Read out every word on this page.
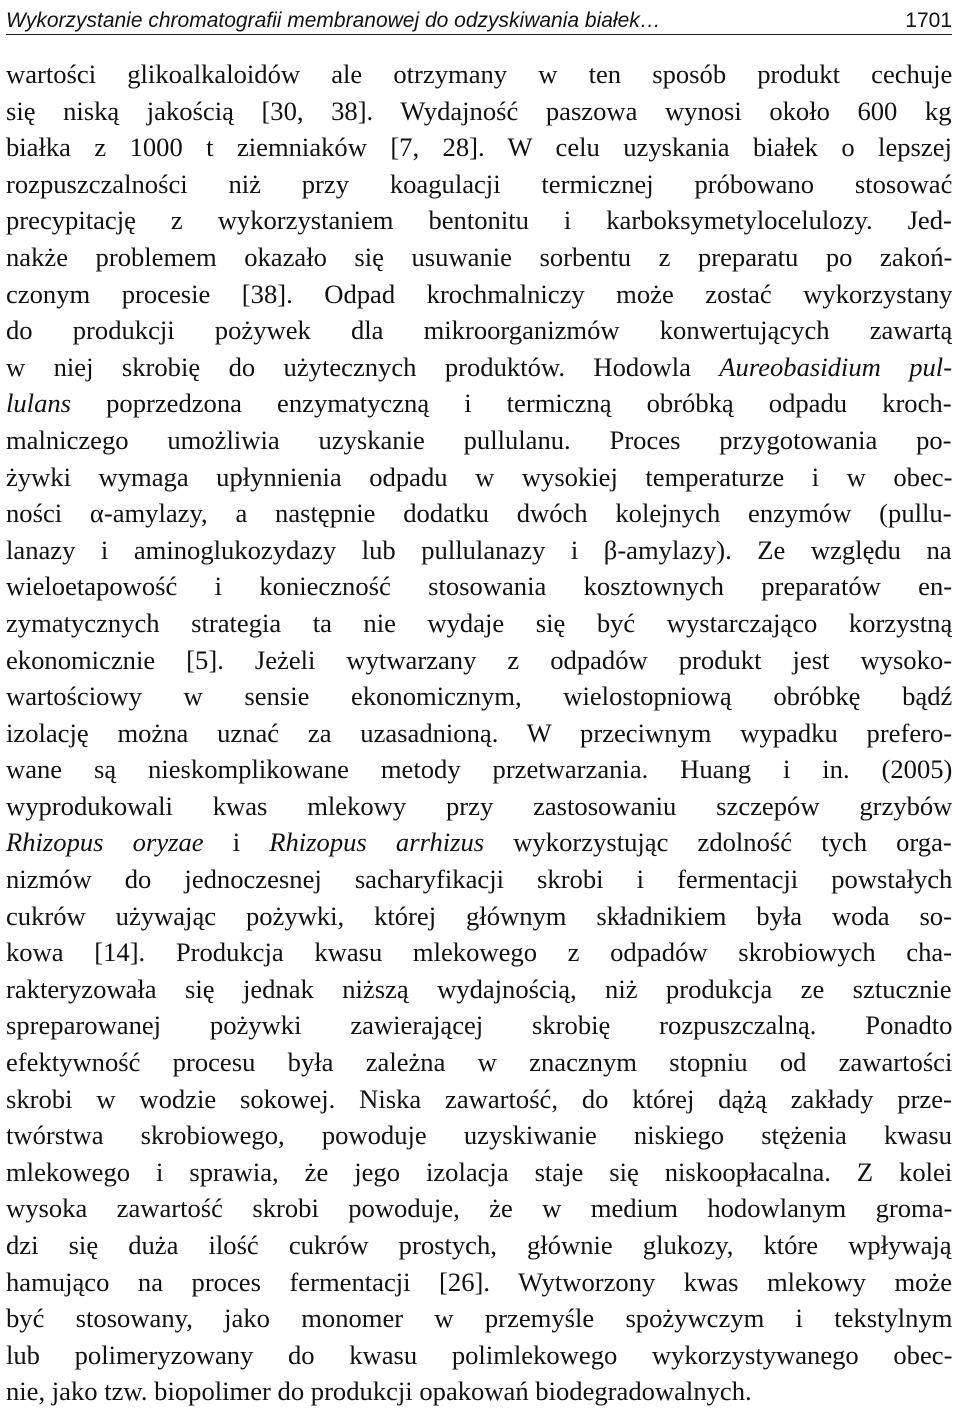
Wykorzystanie chromatografii membranowej do odzyskiwania białek…	1701
wartości glikoalkaloidów ale otrzymany w ten sposób produkt cechuje
się niską jakością [30, 38]. Wydajność paszowa wynosi około 600 kg
białka z 1000 t ziemniaków [7, 28]. W celu uzyskania białek o lepszej
rozpuszczalności niż przy koagulacji termicznej próbowano stosować
precypitację z wykorzystaniem bentonitu i karboksymetylocelulozy. Jed-
nakże problemem okazało się usuwanie sorbentu z preparatu po zakoń-
czonym procesie [38]. Odpad krochmalniczy może zostać wykorzystany
do produkcji pożywek dla mikroorganizmów konwertujących zawartą
w niej skrobię do użytecznych produktów. Hodowla Aureobasidium pul-
lulans poprzedzona enzymatyczną i termiczną obróbką odpadu kroch-
malniczego umożliwia uzyskanie pullulanu. Proces przygotowania po-
żywki wymaga upłynnienia odpadu w wysokiej temperaturze i w obec-
ności α-amylazy, a następnie dodatku dwóch kolejnych enzymów (pullu-
lanazy i aminoglukozydazy lub pullulanazy i β-amylazy). Ze względu na
wieloetapowość i konieczność stosowania kosztownych preparatów en-
zymatycznych strategia ta nie wydaje się być wystarczająco korzystną
ekonomicznie [5]. Jeżeli wytwarzany z odpadów produkt jest wysoko-
wartościowy w sensie ekonomicznym, wielostopniową obróbkę bądź
izolację można uznać za uzasadnioną. W przeciwnym wypadku prefero-
wane są nieskomplikowane metody przetwarzania. Huang i in. (2005)
wyprodukowali kwas mlekowy przy zastosowaniu szczepów grzybów
Rhizopus oryzae i Rhizopus arrhizus wykorzystując zdolność tych orga-
nizmów do jednoczesnej sacharyfikacji skrobi i fermentacji powstałych
cukrów używając pożywki, której głównym składnikiem była woda so-
kowa [14]. Produkcja kwasu mlekowego z odpadów skrobiowych cha-
rakteryzowała się jednak niższą wydajnością, niż produkcja ze sztucznie
spreparowanej pożywki zawierającej skrobię rozpuszczalną. Ponadto
efektywność procesu była zależna w znacznym stopniu od zawartości
skrobi w wodzie sokowej. Niska zawartość, do której dążą zakłady prze-
twórstwa skrobiowego, powoduje uzyskiwanie niskiego stężenia kwasu
mlekowego i sprawia, że jego izolacja staje się niskoopłacalna. Z kolei
wysoka zawartość skrobi powoduje, że w medium hodowlanym groma-
dzi się duża ilość cukrów prostych, głównie glukozy, które wpływają
hamująco na proces fermentacji [26]. Wytworzony kwas mlekowy może
być stosowany, jako monomer w przemyśle spożywczym i tekstylnym
lub polimeryzowany do kwasu polimlekowego wykorzystywanego obec-
nie, jako tzw. biopolimer do produkcji opakowań biodegradowalnych.
